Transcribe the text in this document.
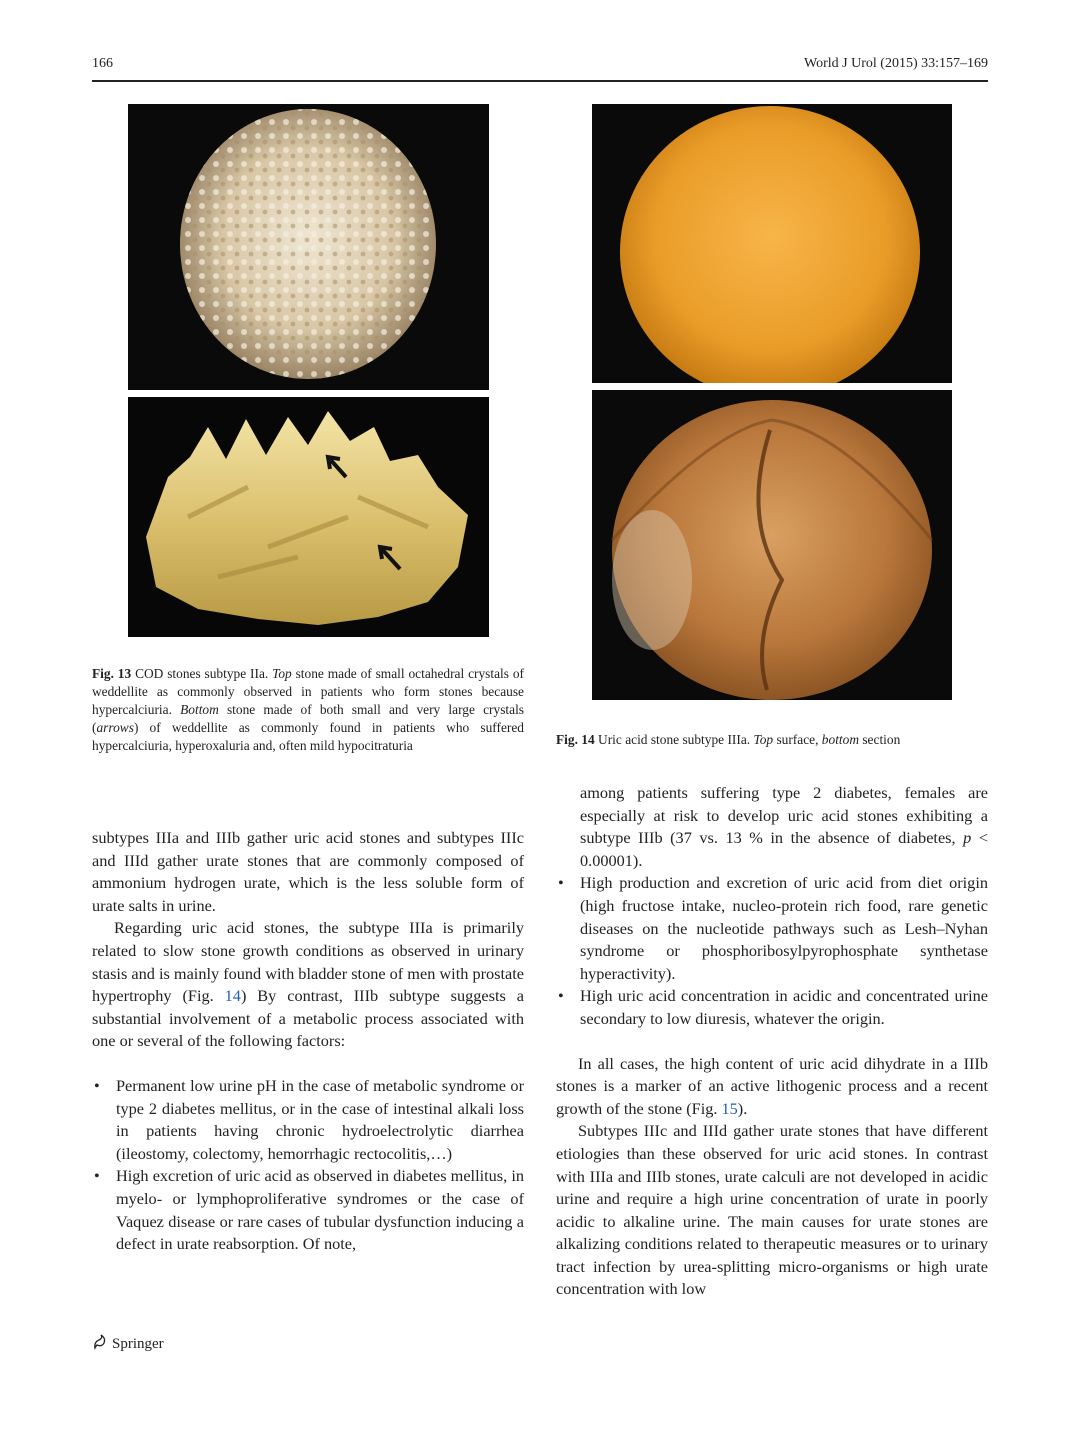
166	World J Urol (2015) 33:157–169
Fig. 13 COD stones subtype IIa. Top stone made of small octahedral crystals of weddellite as commonly observed in patients who form stones because hypercalciuria. Bottom stone made of both small and very large crystals (arrows) of weddellite as commonly found in patients who suffered hypercalciuria, hyperoxaluria and, often mild hypocitraturia	Fig. 14 Uric acid stone subtype IIIa. Top surface, bottom section

subtypes IIIa and IIIb gather uric acid stones and subtypes IIIc and IIId gather urate stones that are commonly composed of ammonium hydrogen urate, which is the less soluble form of urate salts in urine.

Regarding uric acid stones, the subtype IIIa is primarily related to slow stone growth conditions as observed in urinary stasis and is mainly found with bladder stone of men with prostate hypertrophy (Fig. 14) By contrast, IIIb subtype suggests a substantial involvement of a metabolic process associated with one or several of the following factors:

• Permanent low urine pH in the case of metabolic syndrome or type 2 diabetes mellitus, or in the case of intestinal alkali loss in patients having chronic hydroelectrolytic diarrhea (ileostomy, colectomy, hemorrhagic rectocolitis,…)
• High excretion of uric acid as observed in diabetes mellitus, in myelo- or lymphoproliferative syndromes or the case of Vaquez disease or rare cases of tubular dysfunction inducing a defect in urate reabsorption. Of note,

among patients suffering type 2 diabetes, females are especially at risk to develop uric acid stones exhibiting a subtype IIIb (37 vs. 13 % in the absence of diabetes, p < 0.00001).

• High production and excretion of uric acid from diet origin (high fructose intake, nucleo-protein rich food, rare genetic diseases on the nucleotide pathways such as Lesh–Nyhan syndrome or phosphoribosylpyrophosphate synthetase hyperactivity).
• High uric acid concentration in acidic and concentrated urine secondary to low diuresis, whatever the origin.

In all cases, the high content of uric acid dihydrate in a IIIb stones is a marker of an active lithogenic process and a recent growth of the stone (Fig. 15).

Subtypes IIIc and IIId gather urate stones that have different etiologies than these observed for uric acid stones. In contrast with IIIa and IIIb stones, urate calculi are not developed in acidic urine and require a high urine concentration of urate in poorly acidic to alkaline urine. The main causes for urate stones are alkalizing conditions related to therapeutic measures or to urinary tract infection by urea-splitting micro-organisms or high urate concentration with low

Springer
